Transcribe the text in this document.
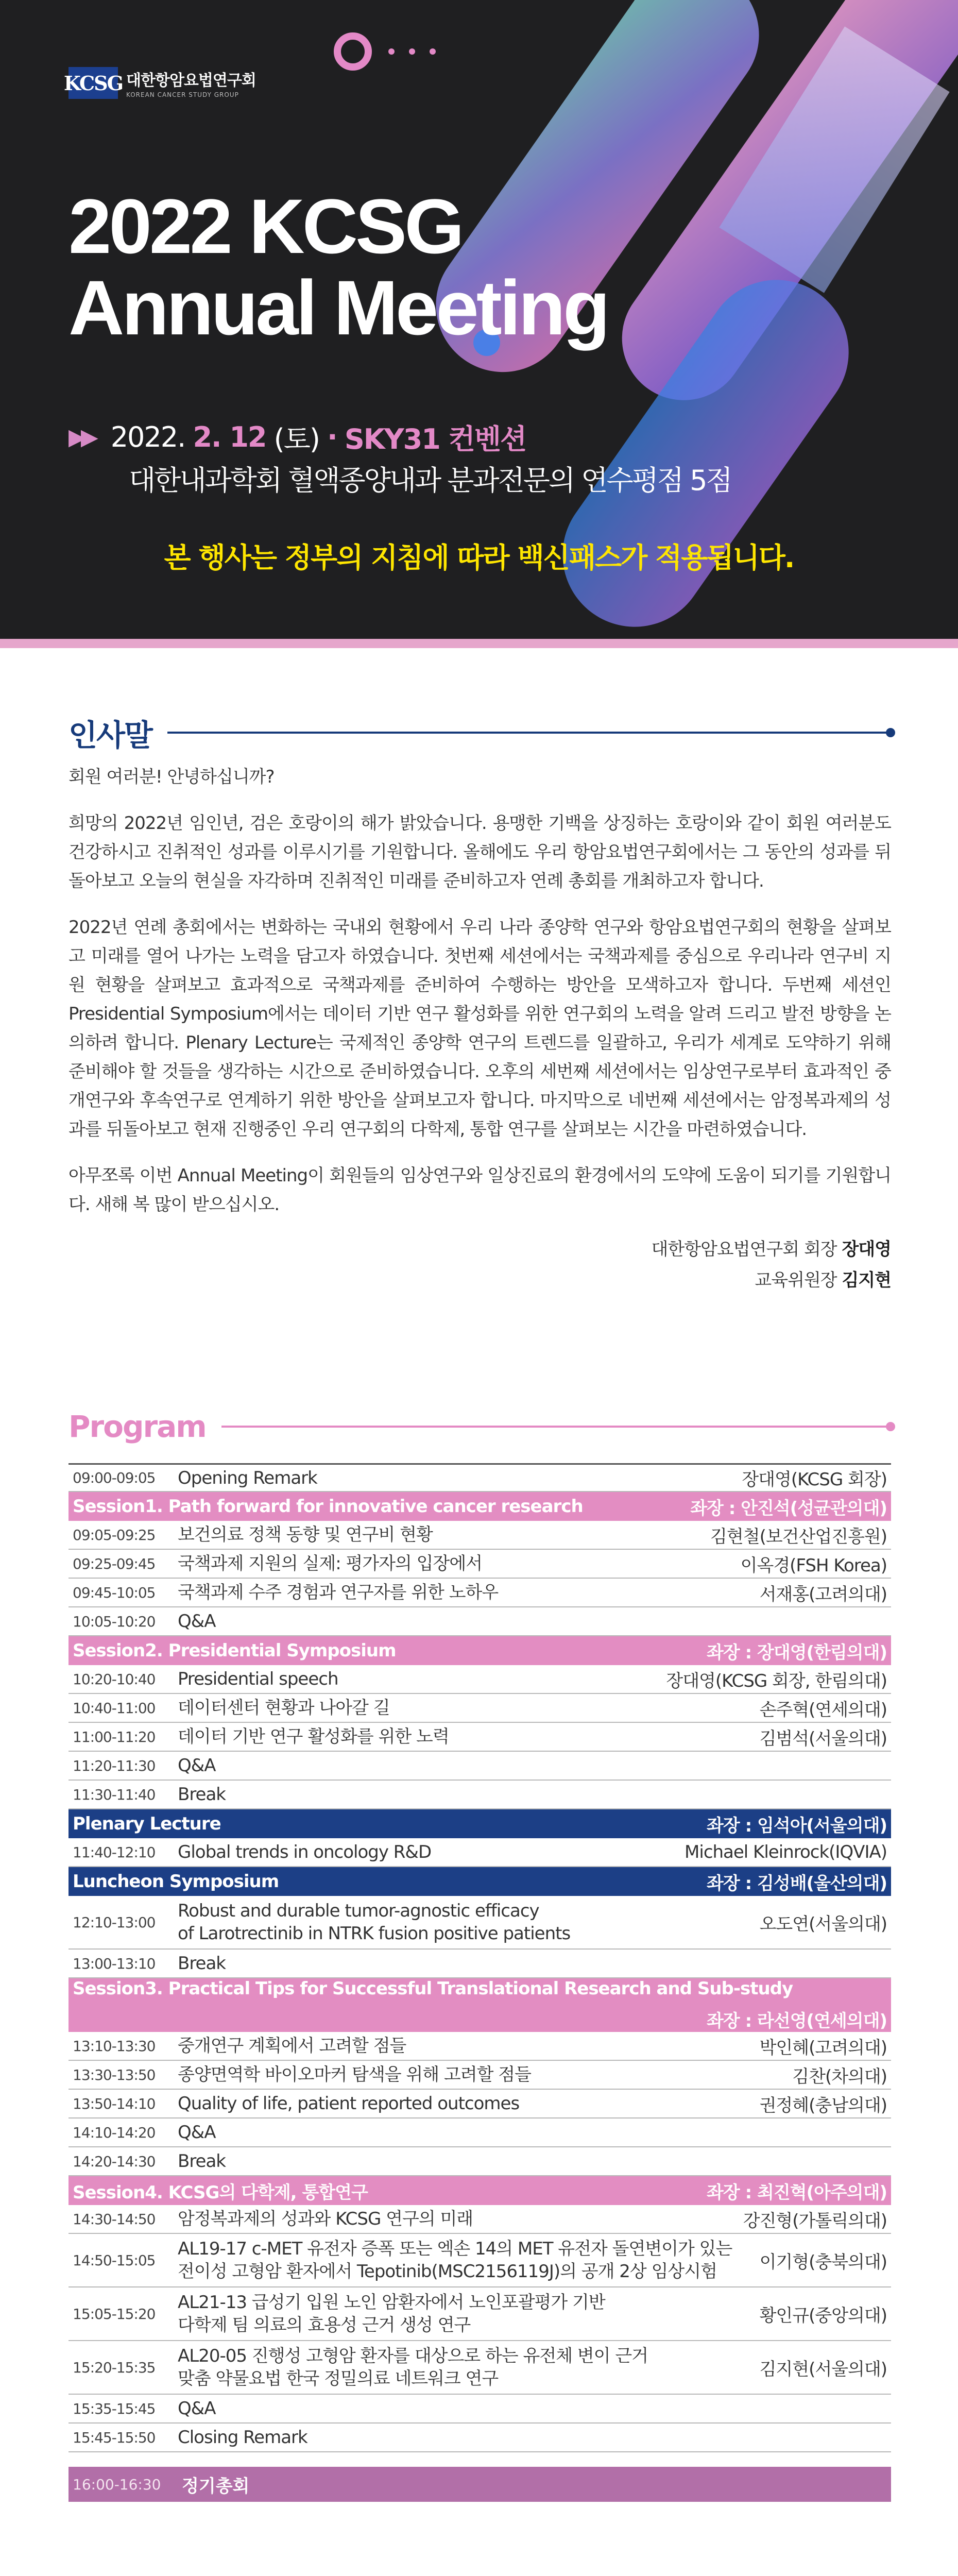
KCSG 대한항암요법연구회
KOREAN CANCER STUDY GROUP
2022 KCSG
Annual Meeting
▶▶ 2022.
2. 12
(토)
·
SKY31 컨벤션
대한내과학회 혈액종양내과 분과전문의 연수평점 5점
본 행사는 정부의 지침에 따라 백신패스가 적용됩니다.
인사말

회원 여러분! 안녕하십니까?

희망의 2022년 임인년, 검은 호랑이의 해가 밝았습니다. 용맹한 기백을 상징하는 호랑이와 같이 회원 여러분도 건강하시고 진취적인 성과를 이루시기를 기원합니다. 올해에도 우리 항암요법연구회에서는 그 동안의 성과를 뒤돌아보고 오늘의 현실을 자각하며 진취적인 미래를 준비하고자 연례 총회를 개최하고자 합니다.

2022년 연례 총회에서는 변화하는 국내외 현황에서 우리 나라 종양학 연구와 항암요법연구회의 현황을 살펴보고 미래를 열어 나가는 노력을 담고자 하였습니다. 첫번째 세션에서는 국책과제를 중심으로 우리나라 연구비 지원 현황을 살펴보고 효과적으로 국책과제를 준비하여 수행하는 방안을 모색하고자 합니다. 두번째 세션인 Presidential Symposium에서는 데이터 기반 연구 활성화를 위한 연구회의 노력을 알려 드리고 발전 방향을 논의하려 합니다. Plenary Lecture는 국제적인 종양학 연구의 트렌드를 일괄하고, 우리가 세계로 도약하기 위해 준비해야 할 것들을 생각하는 시간으로 준비하였습니다. 오후의 세번째 세션에서는 임상연구로부터 효과적인 중개연구와 후속연구로 연계하기 위한 방안을 살펴보고자 합니다. 마지막으로 네번째 세션에서는 암정복과제의 성과를 뒤돌아보고 현재 진행중인 우리 연구회의 다학제, 통합 연구를 살펴보는 시간을 마련하였습니다.

아무쪼록 이번 Annual Meeting이 회원들의 임상연구와 일상진료의 환경에서의 도약에 도움이 되기를 기원합니다. 새해 복 많이 받으십시오.

대한항암요법연구회 회장 장대영
교육위원장 김지현
Program
09:00-09:05	Opening Remark	장대영(KCSG 회장)
Session1. Path forward for innovative cancer research	좌장 : 안진석(성균관의대)
09:05-09:25	보건의료 정책 동향 및 연구비 현황	김현철(보건산업진흥원)
09:25-09:45	국책과제 지원의 실제: 평가자의 입장에서	이옥경(FSH Korea)
09:45-10:05	국책과제 수주 경험과 연구자를 위한 노하우	서재홍(고려의대)
10:05-10:20	Q&A
Session2. Presidential Symposium	좌장 : 장대영(한림의대)
10:20-10:40	Presidential speech	장대영(KCSG 회장, 한림의대)
10:40-11:00	데이터센터 현황과 나아갈 길	손주혁(연세의대)
11:00-11:20	데이터 기반 연구 활성화를 위한 노력	김범석(서울의대)
11:20-11:30	Q&A
11:30-11:40	Break
Plenary Lecture	좌장 : 임석아(서울의대)
11:40-12:10	Global trends in oncology R&D	Michael Kleinrock(IQVIA)
Luncheon Symposium	좌장 : 김성배(울산의대)
12:10-13:00
Robust and durable tumor-agnostic efficacy
of Larotrectinib in NTRK fusion positive patients	오도연(서울의대)
13:00-13:10	Break
Session3. Practical Tips for Successful Translational Research and Sub-study
좌장 : 라선영(연세의대)
13:10-13:30	중개연구 계획에서 고려할 점들	박인혜(고려의대)
13:30-13:50	종양면역학 바이오마커 탐색을 위해 고려할 점들	김찬(차의대)
13:50-14:10	Quality of life, patient reported outcomes	권정혜(충남의대)
14:10-14:20	Q&A
14:20-14:30	Break
Session4. KCSG의 다학제, 통합연구	좌장 : 최진혁(아주의대)
14:30-14:50	암정복과제의 성과와 KCSG 연구의 미래	강진형(가톨릭의대)
14:50-15:05
AL19-17 c-MET 유전자 증폭 또는 엑손 14의 MET 유전자 돌연변이가 있는
전이성 고형암 환자에서 Tepotinib(MSC2156119J)의 공개 2상 임상시험	이기형(충북의대)
15:05-15:20
AL21-13 급성기 입원 노인 암환자에서 노인포괄평가 기반
다학제 팀 의료의 효용성 근거 생성 연구	황인규(중앙의대)
15:20-15:35
AL20-05 진행성 고형암 환자를 대상으로 하는 유전체 변이 근거
맞춤 약물요법 한국 정밀의료 네트워크 연구	김지현(서울의대)
15:35-15:45	Q&A
15:45-15:50	Closing Remark
16:00-16:30	정기총회
